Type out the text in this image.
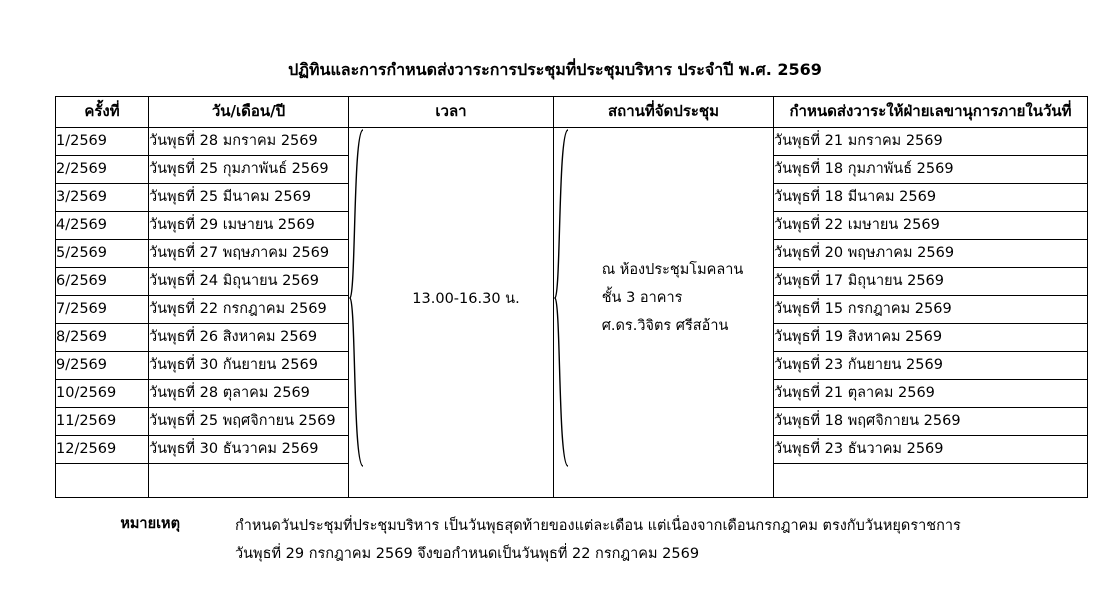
ปฏิทินและการกำหนดส่งวาระการประชุมที่ประชุมบริหาร ประจำปี พ.ศ. 2569
ครั้งที่	วัน/เดือน/ปี	เวลา	สถานที่จัดประชุม	กำหนดส่งวาระให้ฝ่ายเลขานุการภายในวันที่
1/2569	วันพุธที่ 28 มกราคม 2569	13.00-16.30 น.	ณ ห้องประชุมโมคลาน
ชั้น 3 อาคาร
ศ.ดร.วิจิตร ศรีสอ้าน	วันพุธที่ 21 มกราคม 2569
2/2569	วันพุธที่ 25 กุมภาพันธ์ 2569			วันพุธที่ 18 กุมภาพันธ์ 2569
3/2569	วันพุธที่ 25 มีนาคม 2569			วันพุธที่ 18 มีนาคม 2569
4/2569	วันพุธที่ 29 เมษายน 2569			วันพุธที่ 22 เมษายน 2569
5/2569	วันพุธที่ 27 พฤษภาคม 2569			วันพุธที่ 20 พฤษภาคม 2569
6/2569	วันพุธที่ 24 มิถุนายน 2569			วันพุธที่ 17 มิถุนายน 2569
7/2569	วันพุธที่ 22 กรกฎาคม 2569			วันพุธที่ 15 กรกฎาคม 2569
8/2569	วันพุธที่ 26 สิงหาคม 2569			วันพุธที่ 19 สิงหาคม 2569
9/2569	วันพุธที่ 30 กันยายน 2569			วันพุธที่ 23 กันยายน 2569
10/2569	วันพุธที่ 28 ตุลาคม 2569			วันพุธที่ 21 ตุลาคม 2569
11/2569	วันพุธที่ 25 พฤศจิกายน 2569			วันพุธที่ 18 พฤศจิกายน 2569
12/2569	วันพุธที่ 30 ธันวาคม 2569			วันพุธที่ 23 ธันวาคม 2569

หมายเหตุ	กำหนดวันประชุมที่ประชุมบริหาร เป็นวันพุธสุดท้ายของแต่ละเดือน แต่เนื่องจากเดือนกรกฎาคม ตรงกับวันหยุดราชการ
วันพุธที่ 29 กรกฎาคม 2569 จึงขอกำหนดเป็นวันพุธที่ 22 กรกฎาคม 2569
